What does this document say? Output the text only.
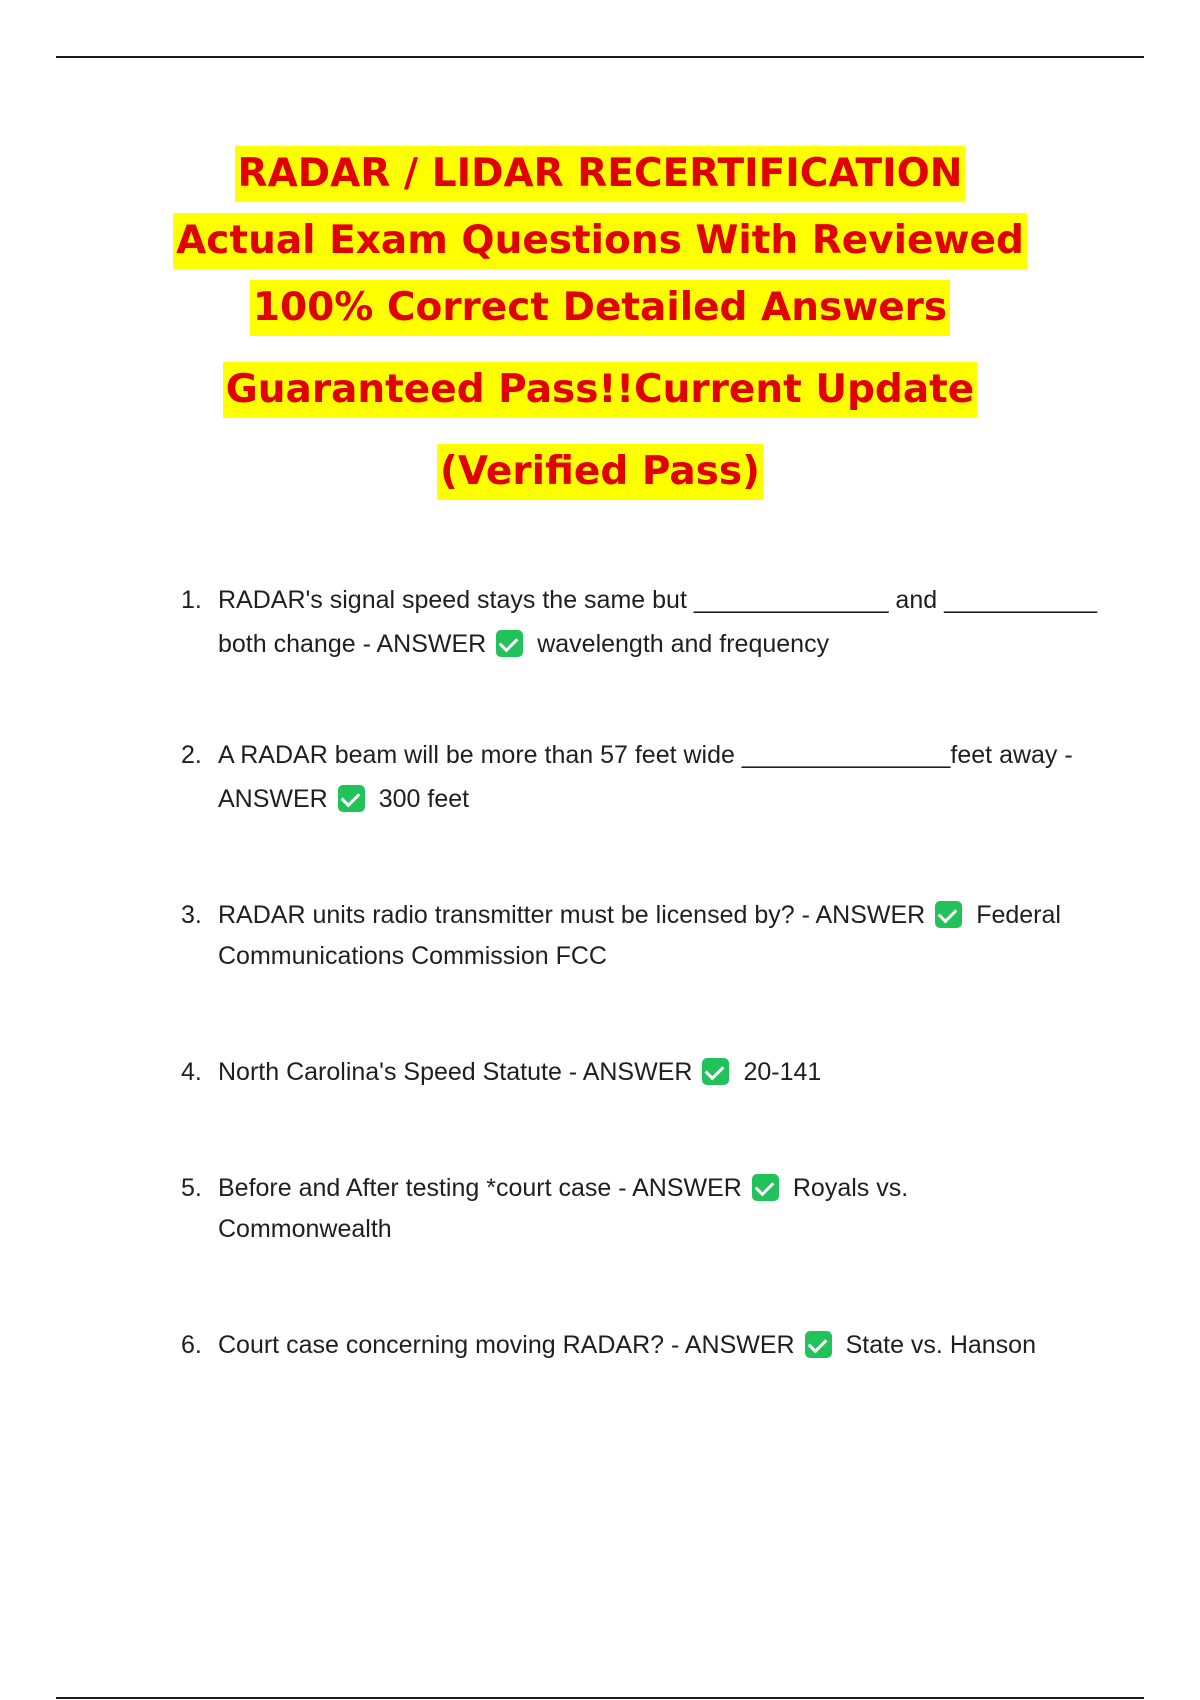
RADAR / LIDAR RECERTIFICATION
Actual Exam Questions With Reviewed
100% Correct Detailed Answers
Guaranteed Pass!!Current Update
(Verified Pass)
1. RADAR's signal speed stays the same but ______________ and ___________
both change - ANSWER wavelength and frequency
2. A RADAR beam will be more than 57 feet wide _______________feet away -
ANSWER 300 feet
3. RADAR units radio transmitter must be licensed by? - ANSWER Federal
Communications Commission FCC
4. North Carolina's Speed Statute - ANSWER 20-141
5. Before and After testing *court case - ANSWER Royals vs.
Commonwealth
6. Court case concerning moving RADAR? - ANSWER State vs. Hanson
